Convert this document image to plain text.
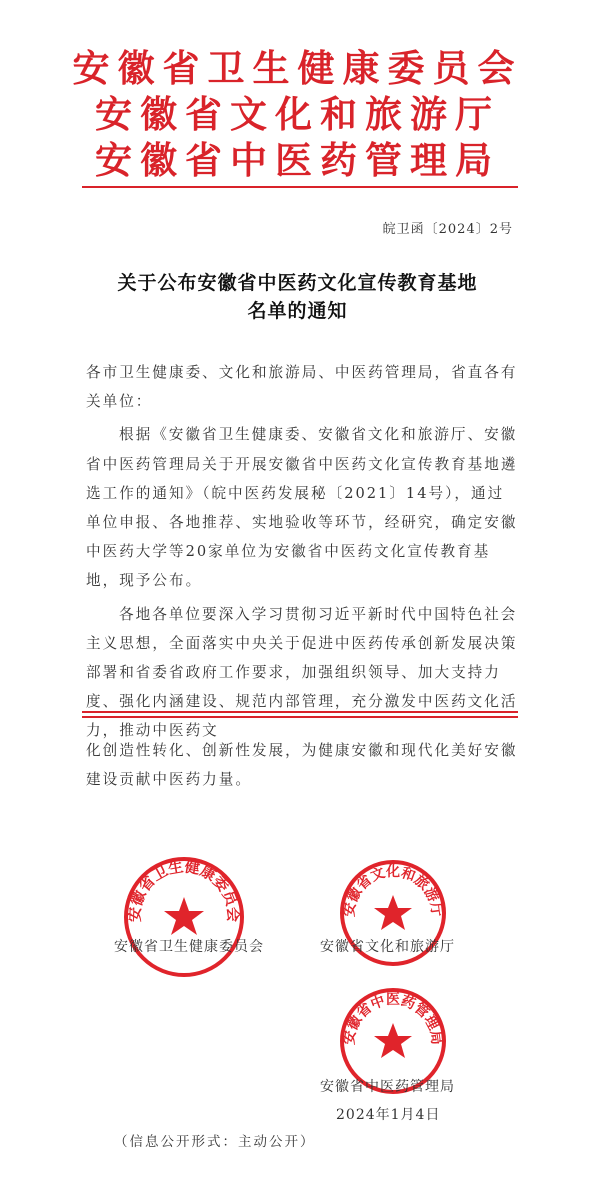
安徽省卫生健康委员会
安徽省文化和旅游厅
安徽省中医药管理局
皖卫函〔2024〕2号
关于公布安徽省中医药文化宣传教育基地
名单的通知

各市卫生健康委、文化和旅游局、中医药管理局，省直各有关单位：

根据《安徽省卫生健康委、安徽省文化和旅游厅、安徽省中医药管理局关于开展安徽省中医药文化宣传教育基地遴选工作的通知》（皖中医药发展秘〔2021〕14号），通过单位申报、各地推荐、实地验收等环节，经研究，确定安徽中医药大学等20家单位为安徽省中医药文化宣传教育基地，现予公布。

各地各单位要深入学习贯彻习近平新时代中国特色社会主义思想，全面落实中央关于促进中医药传承创新发展决策部署和省委省政府工作要求，加强组织领导、加大支持力度、强化内涵建设、规范内部管理，充分激发中医药文化活力，推动中医药文

化创造性转化、创新性发展，为健康安徽和现代化美好安徽建设贡献中医药力量。

安徽省卫生健康委员会	安徽省文化和旅游厅
安徽省中医药管理局
安徽省卫生健康委员会	安徽省文化和旅游厅
安徽省中医药管理局
2024年1月4日
（信息公开形式：主动公开）
